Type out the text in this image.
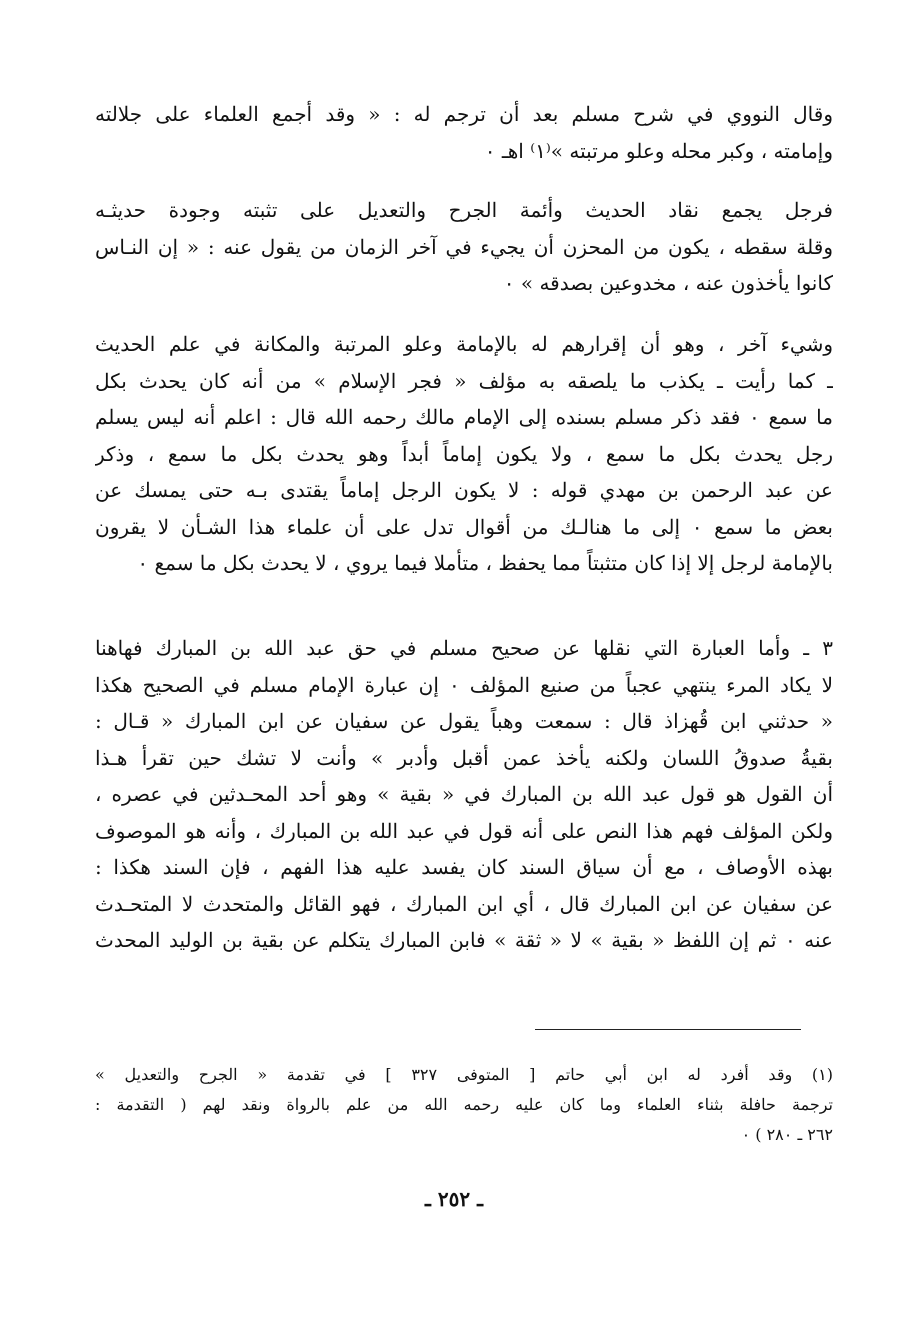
وقال النووي في شرح مسلم بعد أن ترجم له : « وقد أجمع العلماء على جلالته
وإمامته ، وكبر محله وعلو مرتبته »⁽١⁾ اهـ ٠
فرجل يجمع نقاد الحديث وأئمة الجرح والتعديل على تثبته وجودة حديثـه
وقلة سقطه ، يكون من المحزن أن يجيء في آخر الزمان من يقول عنه : « إن النـاس
كانوا يأخذون عنه ، مخدوعين بصدقه » ٠
وشيء آخر ، وهو أن إقرارهم له بالإمامة وعلو المرتبة والمكانة في علم الحديث
ـ كما رأيت ـ يكذب ما يلصقه به مؤلف « فجر الإسلام » من أنه كان يحدث بكل
ما سمع ٠ فقد ذكر مسلم بسنده إلى الإمام مالك رحمه الله قال : اعلم أنه ليس يسلم
رجل يحدث بكل ما سمع ، ولا يكون إماماً أبداً وهو يحدث بكل ما سمع ، وذكر
عن عبد الرحمن بن مهدي قوله : لا يكون الرجل إماماً يقتدى بـه حتى يمسك عن
بعض ما سمع ٠ إلى ما هنالـك من أقوال تدل على أن علماء هذا الشـأن لا يقرون
بالإمامة لرجل إلا إذا كان متثبتاً مما يحفظ ، متأملا فيما يروي ، لا يحدث بكل ما سمع ٠
٣ ـ وأما العبارة التي نقلها عن صحيح مسلم في حق عبد الله بن المبارك فهاهنا
لا يكاد المرء ينتهي عجباً من صنيع المؤلف ٠ إن عبارة الإمام مسلم في الصحيح هكذا
« حدثني ابن قُهزاذ قال : سمعت وهباً يقول عن سفيان عن ابن المبارك « قـال :
بقيةُ صدوقُ اللسان ولكنه يأخذ عمن أقبل وأدبر » وأنت لا تشك حين تقرأ هـذا
أن القول هو قول عبد الله بن المبارك في « بقية » وهو أحد المحـدثين في عصره ،
ولكن المؤلف فهم هذا النص على أنه قول في عبد الله بن المبارك ، وأنه هو الموصوف
بهذه الأوصاف ، مع أن سياق السند كان يفسد عليه هذا الفهم ، فإن السند هكذا :
عن سفيان عن ابن المبارك قال ، أي ابن المبارك ، فهو القائل والمتحدث لا المتحـدث
عنه ٠ ثم إن اللفظ « بقية » لا « ثقة » فابن المبارك يتكلم عن بقية بن الوليد المحدث
(١) وقد أفرد له ابن أبي حاتم [ المتوفى ٣٢٧ ] في تقدمة « الجرح والتعديل »
ترجمة حافلة بثناء العلماء وما كان عليه رحمه الله من علم بالرواة ونقد لهم ( التقدمة :
٢٦٢ ـ ٢٨٠ ) ٠
ـ ٢٥٢ ـ
